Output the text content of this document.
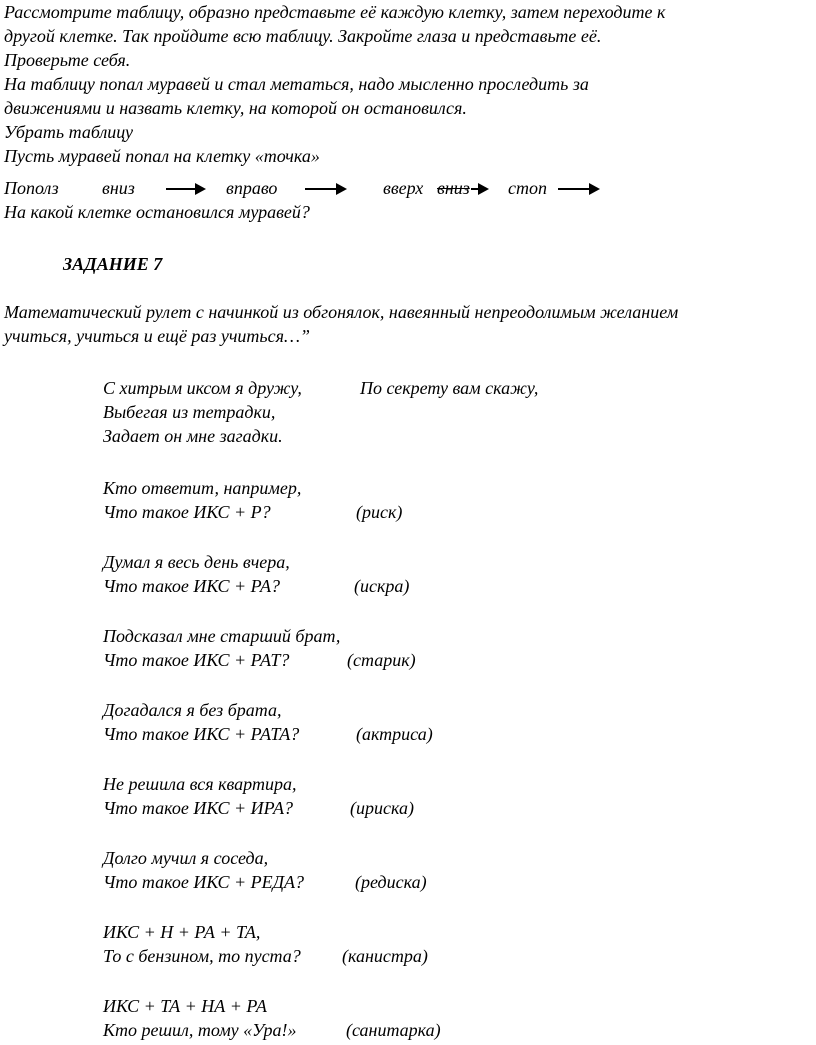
Рассмотрите таблицу, образно представьте её каждую клетку, затем переходите к
другой клетке. Так пройдите всю таблицу. Закройте глаза и представьте её.
Проверьте себя.
На таблицу попал муравей и стал метаться, надо мысленно проследить за
движениями и назвать клетку, на которой он остановился.
Убрать таблицу
Пусть муравей попал на клетку «точка»
Пополз вниз	вправо	вверх вниз стоп
На какой клетке остановился муравей?
ЗАДАНИЕ 7
Математический рулет с начинкой из обгонялок, навеянный непреодолимым желанием
учиться, учиться и ещё раз учиться…”
С хитрым иксом я дружу,	По секрету вам скажу,
Выбегая из тетрадки,
Задает он мне загадки.
Кто ответит, например,
Что такое ИКС + Р?	(риск)
Думал я весь день вчера,
Что такое ИКС + РА?	(искра)
Подсказал мне старший брат,
Что такое ИКС + РАТ?	(старик)
Догадался я без брата,
Что такое ИКС + РАТА?	(актриса)
Не решила вся квартира,
Что такое ИКС + ИРА?	(ириска)
Долго мучил я соседа,
Что такое ИКС + РЕДА?	(редиска)
ИКС + Н + РА + ТА,
То с бензином, то пуста? (канистра)
ИКС + ТА + НА + РА
Кто решил, тому «Ура!»	(санитарка)
